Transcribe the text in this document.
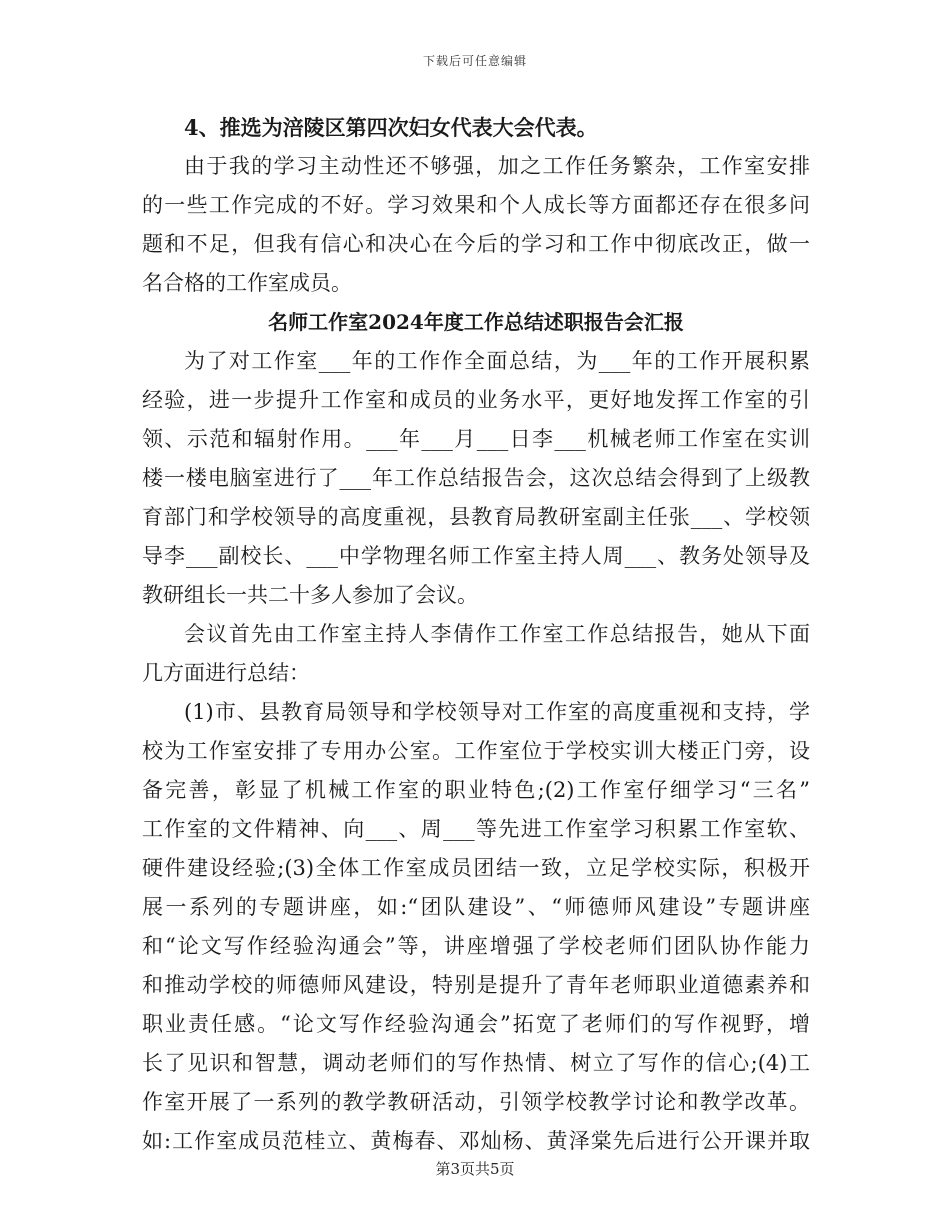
下载后可任意编辑
4、推选为涪陵区第四次妇女代表大会代表。
由于我的学习主动性还不够强，加之工作任务繁杂，工作室安排
的一些工作完成的不好。学习效果和个人成长等方面都还存在很多问
题和不足，但我有信心和决心在今后的学习和工作中彻底改正，做一
名合格的工作室成员。
名师工作室2024年度工作总结述职报告会汇报
为了对工作室___年的工作作全面总结，为___年的工作开展积累
经验，进一步提升工作室和成员的业务水平，更好地发挥工作室的引
领、示范和辐射作用。___年___月___日李___机械老师工作室在实训
楼一楼电脑室进行了___年工作总结报告会，这次总结会得到了上级教
育部门和学校领导的高度重视，县教育局教研室副主任张___、学校领
导李___副校长、___中学物理名师工作室主持人周___、教务处领导及
教研组长一共二十多人参加了会议。
会议首先由工作室主持人李倩作工作室工作总结报告，她从下面
几方面进行总结：
(1)市、县教育局领导和学校领导对工作室的高度重视和支持，学
校为工作室安排了专用办公室。工作室位于学校实训大楼正门旁，设
备完善，彰显了机械工作室的职业特色;(2)工作室仔细学习“三名”
工作室的文件精神、向___、周___等先进工作室学习积累工作室软、
硬件建设经验;(3)全体工作室成员团结一致，立足学校实际，积极开
展一系列的专题讲座，如:“团队建设”、“师德师风建设”专题讲座
和“论文写作经验沟通会”等，讲座增强了学校老师们团队协作能力
和推动学校的师德师风建设，特别是提升了青年老师职业道德素养和
职业责任感。“论文写作经验沟通会”拓宽了老师们的写作视野，增
长了见识和智慧，调动老师们的写作热情、树立了写作的信心;(4)工
作室开展了一系列的教学教研活动，引领学校教学讨论和教学改革。
如:工作室成员范桂立、黄梅春、邓灿杨、黄泽棠先后进行公开课并取
第3页共5页
